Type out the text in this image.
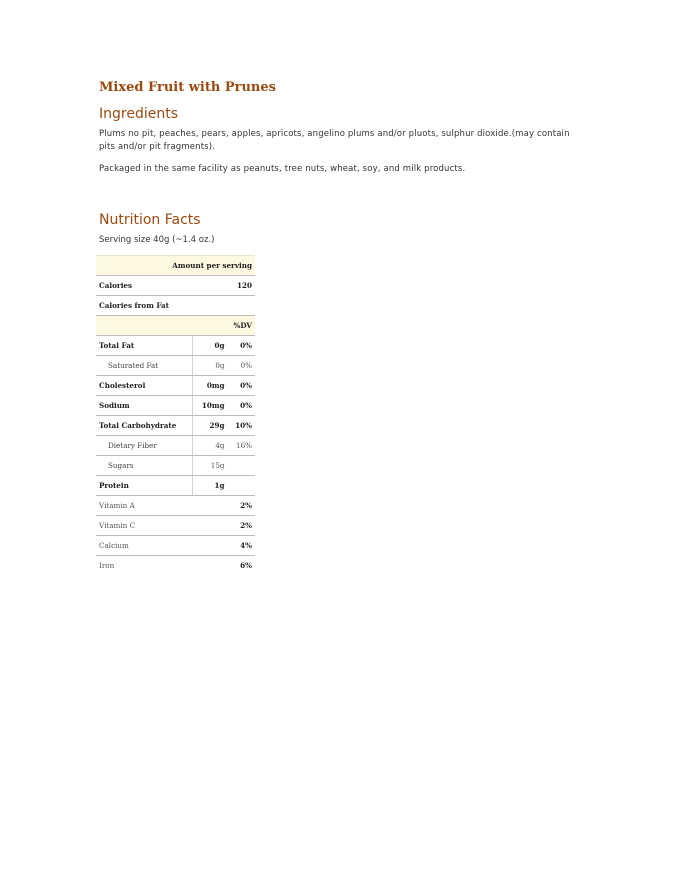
Mixed Fruit with Prunes
Ingredients

Plums no pit, peaches, pears, apples, apricots, angelino plums and/or pluots, sulphur dioxide.(may contain pits and/or pit fragments).

Packaged in the same facility as peanuts, tree nuts, wheat, soy, and milk products.

Nutrition Facts

Serving size 40g (~1.4 oz.)

Amount per serving		
Calories		120
Calories from Fat		
%DV		
Total Fat	0g	0%
Saturated Fat	0g	0%
Cholesterol	0mg	0%
Sodium	10mg	0%
Total Carbohydrate	29g	10%
Dietary Fiber	4g	16%
Sugars	15g	
Protein	1g	
Vitamin A		2%
Vitamin C		2%
Calcium		4%
Iron		6%
